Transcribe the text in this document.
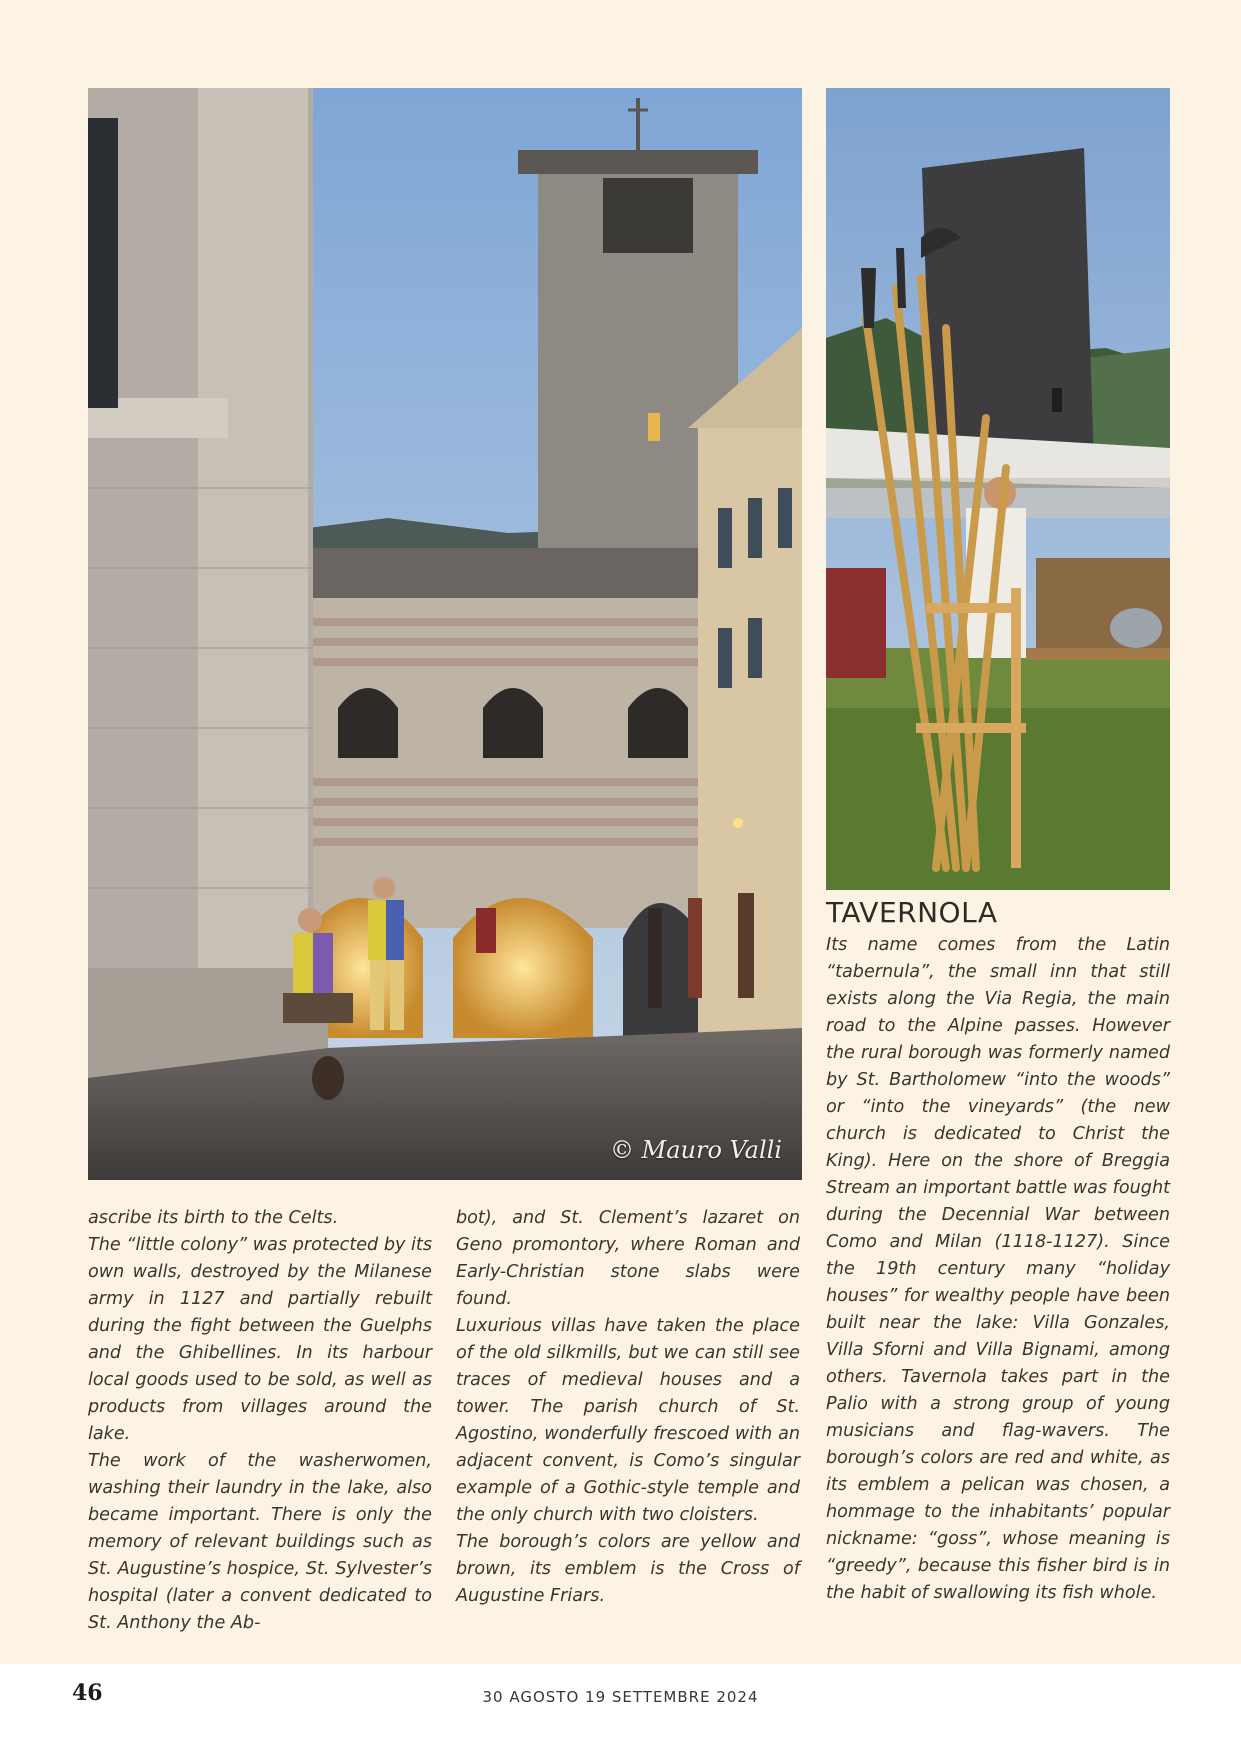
© Mauro Valli

ascribe its birth to the Celts.

The “little colony” was protected by its own walls, destroyed by the Milanese army in 1127 and partially rebuilt during the fight between the Guelphs and the Ghibellines. In its harbour local goods used to be sold, as well as products from villages around the lake.

The work of the washerwomen, washing their laundry in the lake, also became important. There is only the memory of relevant buildings such as St. Augustine’s hospice, St. Sylvester’s hospital (later a convent dedicated to St. Anthony the Ab-

bot), and St. Clement’s lazaret on Geno promontory, where Roman and Early-Christian stone slabs were found.

Luxurious villas have taken the place of the old silkmills, but we can still see traces of medieval houses and a tower. The parish church of St. Agostino, wonderfully frescoed with an adjacent convent, is Como’s singular example of a Gothic-style temple and the only church with two cloisters.

The borough’s colors are yellow and brown, its emblem is the Cross of Augustine Friars.

TAVERNOLA

Its name comes from the Latin “tabernula”, the small inn that still exists along the Via Regia, the main road to the Alpine passes. However the rural borough was formerly named by St. Bartholomew “into the woods” or “into the vineyards” (the new church is dedicated to Christ the King). Here on the shore of Breggia Stream an important battle was fought during the Decennial War between Como and Milan (1118-1127). Since the 19th century many “holiday houses” for wealthy people have been built near the lake: Villa Gonzales, Villa Sforni and Villa Bignami, among others. Tavernola takes part in the Palio with a strong group of young musicians and flag-wavers. The borough’s colors are red and white, as its emblem a pelican was chosen, a hommage to the inhabitants’ popular nickname: “goss”, whose meaning is “greedy”, because this fisher bird is in the habit of swallowing its fish whole.

46	30 AGOSTO 19 SETTEMBRE 2024
